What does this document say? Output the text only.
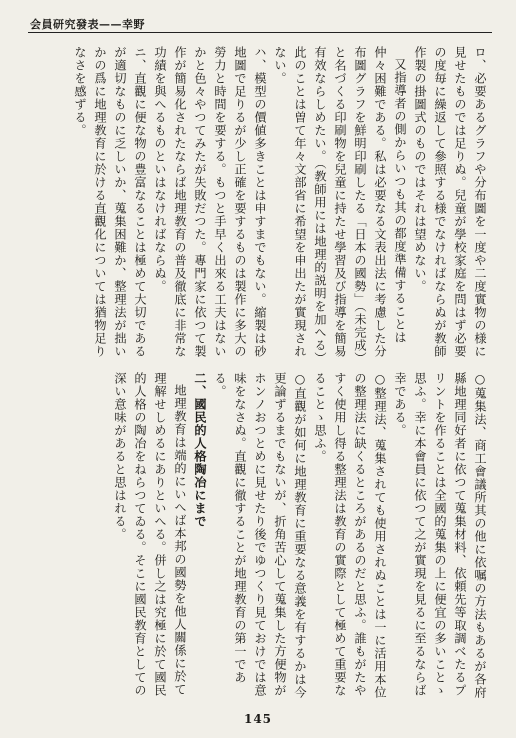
会員研究發表——幸野

ロ、必要あるグラフや分布圖を一度や二度實物の様に見せたものでは足りぬ。兒童が學校家庭を問はず必要の度毎に繰返して參照する様でなければならぬが教師作製の掛圖式のものではそれは望めない。

又指導者の側からいつも其の都度準備することは仲々困難である。私は必要なる文表出法に考慮した分布圖グラフを鮮明印刷したる「日本の國勢」（未完成）と名づくる印刷物を兒童に持たせ學習及び指導を簡易有效ならしめたい。（教師用には地理的説明を加へる）此のことは曽て年々文部省に希望を申出たが實現されない。

ハ、模型の價値多きことは申すまでもない。縮製は砂地圖で足りるが少し正確を要するものは製作に多大の勞力と時間を要する。もつと手早く出來る工夫はないかと色々やつてみたが失敗だつた。專門家に依つて製作が簡易化されたならば地理教育の普及徹底に非常な功績を與へるものといはなければならぬ。

ニ、直觀に便な物の豊富なることは極めて大切であるが適切なものに乏しいか、蒐集困難か、整理法が拙いかの爲に地理教育に於ける直觀化については猶物足りなさを感ずる。

○蒐集法、商工會議所其の他に依嘱の方法もあるが各府縣地理同好者に依つて蒐集材料、依頼先等取調べたるプリントを作ることは全國的蒐集の上に便宜の多いことゝ思ふ。幸に本會員に依つて之が實現を見るに至るならば幸である。

○整理法、蒐集されても使用されぬことは一に活用本位の整理法に缺くるところがあるのだと思ふ。誰もがたやすく使用し得る整理法は教育の實際として極めて重要なることゝ思ふ。

○直觀が如何に地理教育に重要なる意義を有するかは今更論ずるまでもないが、折角苦心して蒐集した方便物がホンノおつとめに見せたり後でゆつくり見ておけでは意味をなさぬ。直觀に徹することが地理教育の第一である。

二、國民的人格陶冶にまで

地理教育は端的にいへば本邦の國勢を他人關係に於て理解せしめるにありといへる。併し之は究極に於て國民的人格の陶冶をねらつてゐる。そこに國民教育としての深い意味があると思はれる。

145
